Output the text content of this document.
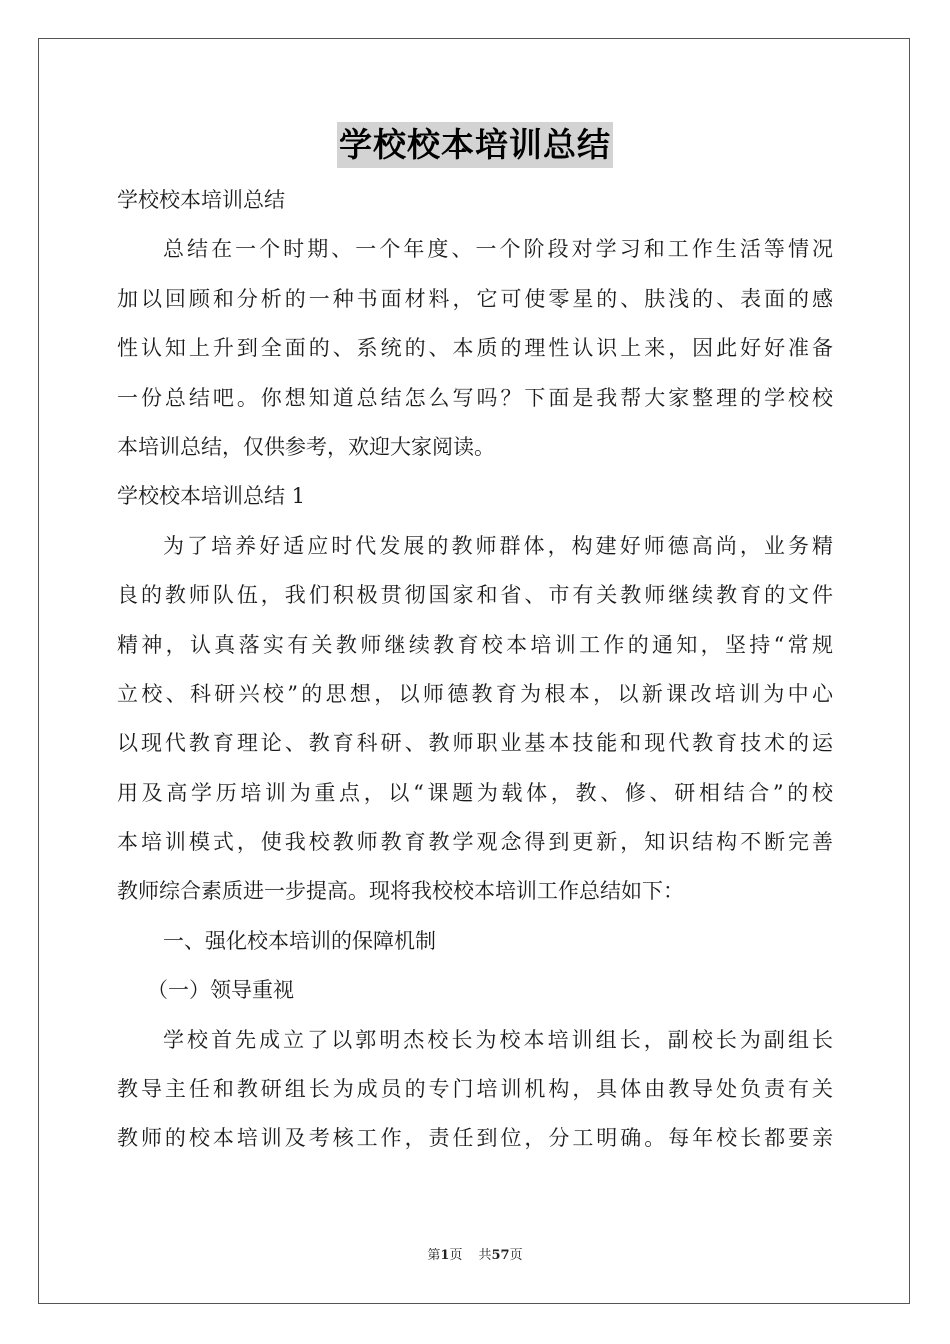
学校校本培训总结
学校校本培训总结
总结在一个时期、一个年度、一个阶段对学习和工作生活等情况
加以回顾和分析的一种书面材料，它可使零星的、肤浅的、表面的感
性认知上升到全面的、系统的、本质的理性认识上来，因此好好准备
一份总结吧。你想知道总结怎么写吗？下面是我帮大家整理的学校校
本培训总结，仅供参考，欢迎大家阅读。
学校校本培训总结 1
为了培养好适应时代发展的教师群体，构建好师德高尚，业务精
良的教师队伍，我们积极贯彻国家和省、市有关教师继续教育的文件
精神，认真落实有关教师继续教育校本培训工作的通知，坚持“常规
立校、科研兴校”的思想，以师德教育为根本，以新课改培训为中心
以现代教育理论、教育科研、教师职业基本技能和现代教育技术的运
用及高学历培训为重点，以“课题为载体，教、修、研相结合”的校
本培训模式，使我校教师教育教学观念得到更新，知识结构不断完善
教师综合素质进一步提高。现将我校校本培训工作总结如下：
一、强化校本培训的保障机制
（一）领导重视
学校首先成立了以郭明杰校长为校本培训组长，副校长为副组长
教导主任和教研组长为成员的专门培训机构，具体由教导处负责有关
教师的校本培训及考核工作，责任到位，分工明确。每年校长都要亲
第1页 共57页
